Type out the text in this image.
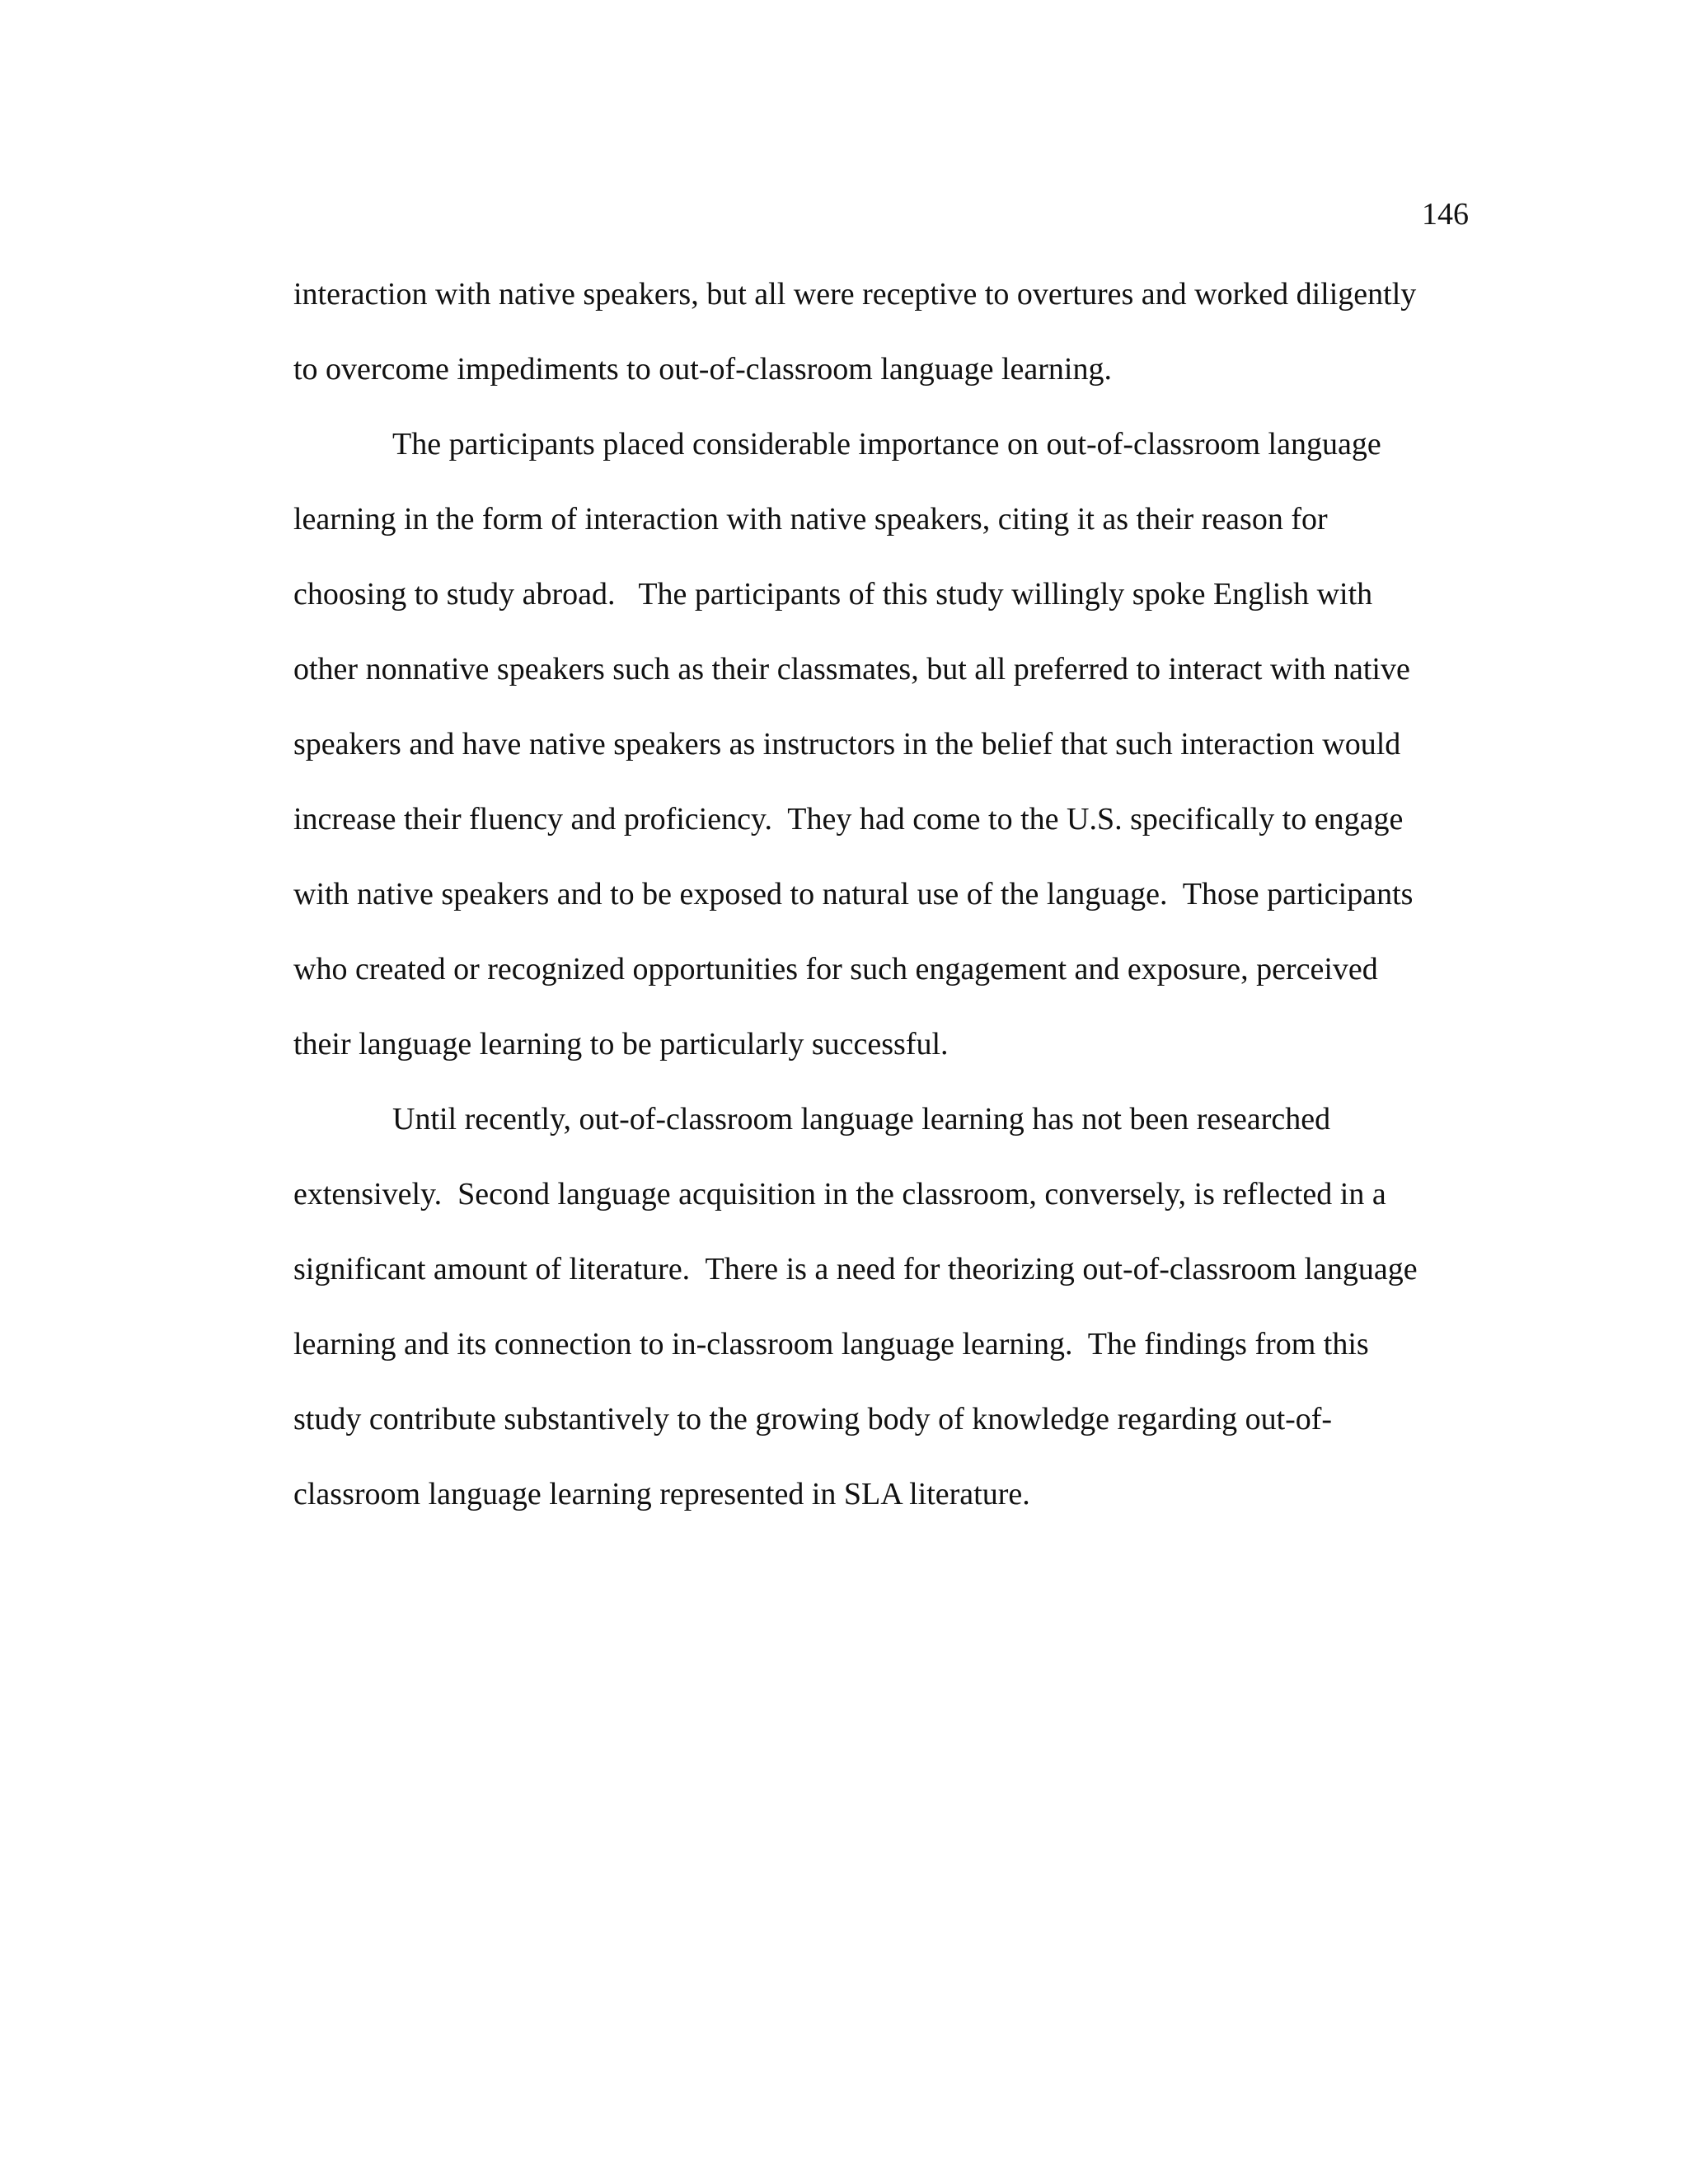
146
interaction with native speakers, but all were receptive to overtures and worked diligently
to overcome impediments to out-of-classroom language learning.
The participants placed considerable importance on out-of-classroom language
learning in the form of interaction with native speakers, citing it as their reason for
choosing to study abroad.   The participants of this study willingly spoke English with
other nonnative speakers such as their classmates, but all preferred to interact with native
speakers and have native speakers as instructors in the belief that such interaction would
increase their fluency and proficiency.  They had come to the U.S. specifically to engage
with native speakers and to be exposed to natural use of the language.  Those participants
who created or recognized opportunities for such engagement and exposure, perceived
their language learning to be particularly successful.
Until recently, out-of-classroom language learning has not been researched
extensively.  Second language acquisition in the classroom, conversely, is reflected in a
significant amount of literature.  There is a need for theorizing out-of-classroom language
learning and its connection to in-classroom language learning.  The findings from this
study contribute substantively to the growing body of knowledge regarding out-of-
classroom language learning represented in SLA literature.
